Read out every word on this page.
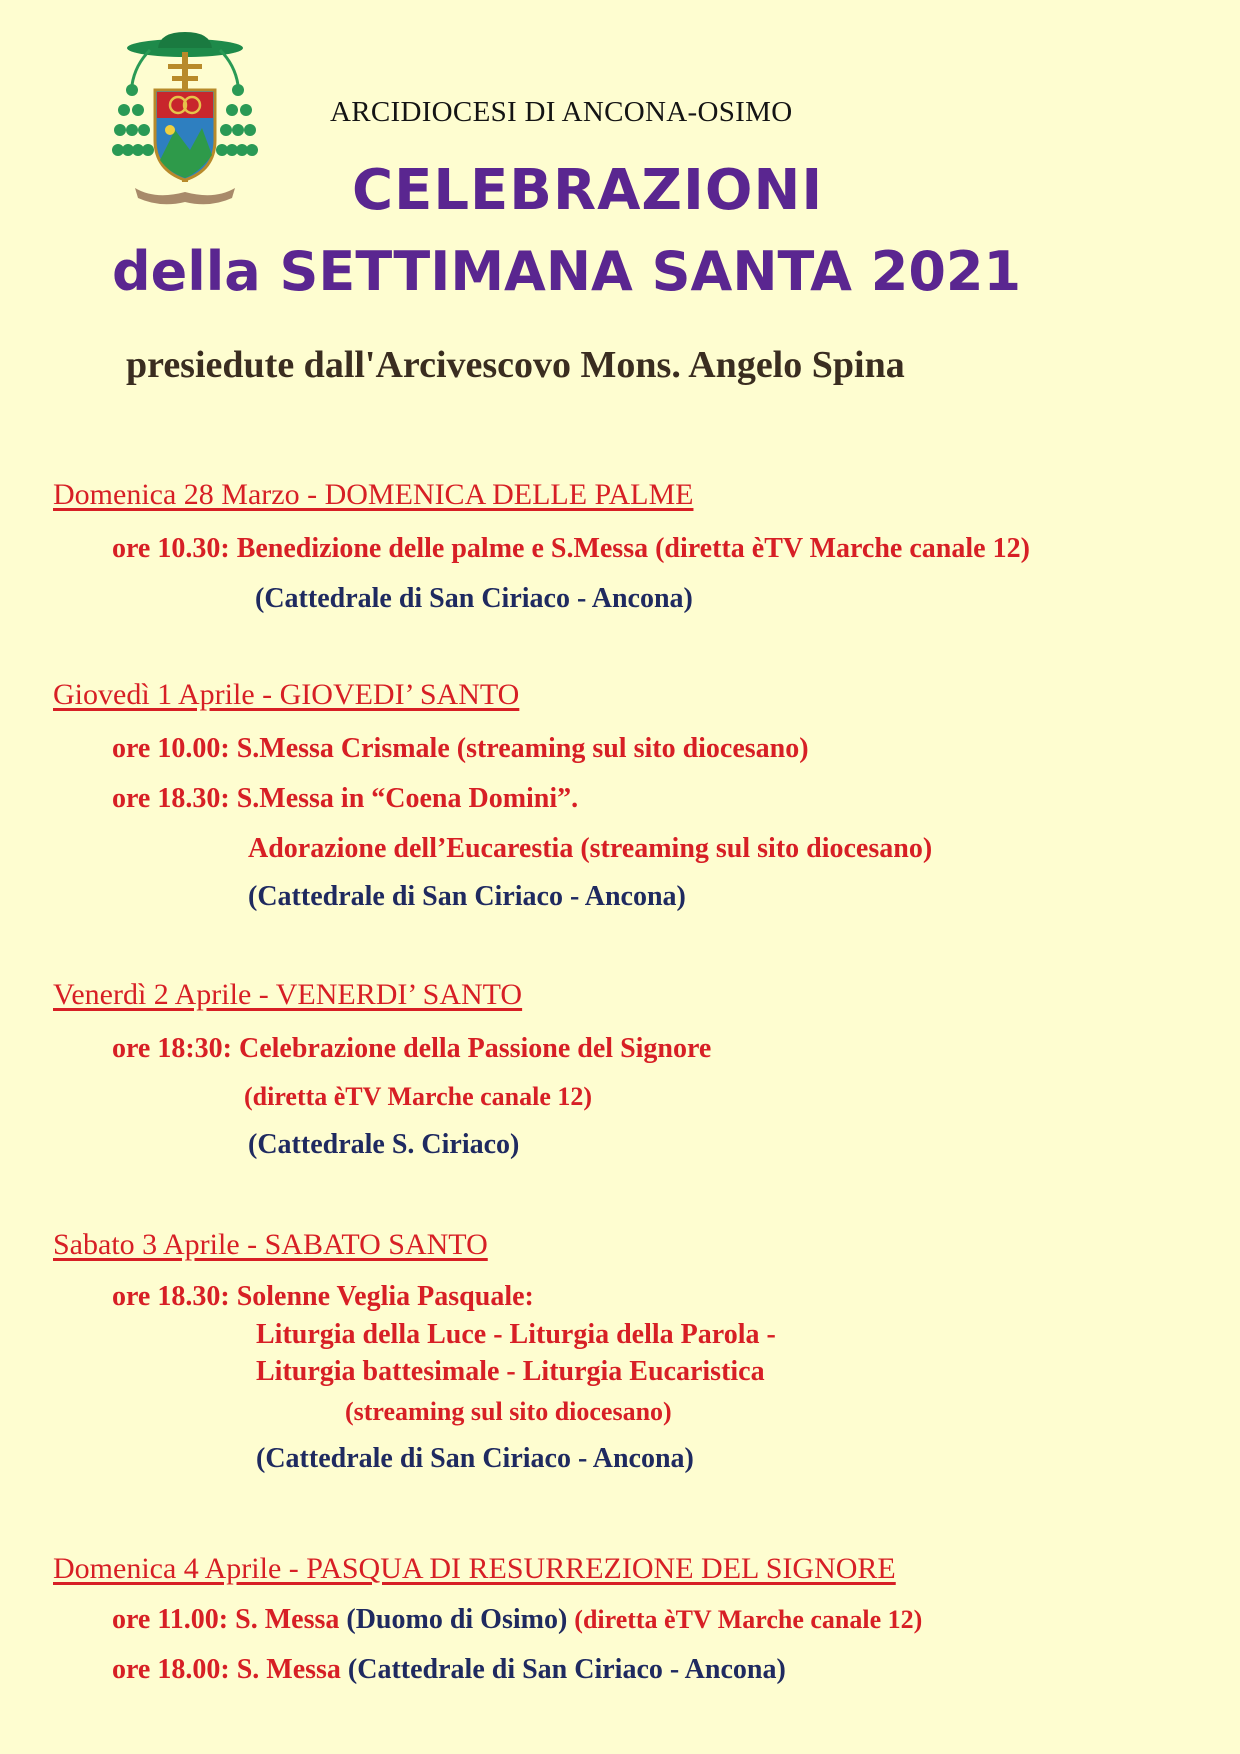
ARCIDIOCESI DI ANCONA-OSIMO
CELEBRAZIONI
della SETTIMANA SANTA 2021
presiedute dall'Arcivescovo Mons. Angelo Spina
Domenica 28 Marzo - DOMENICA DELLE PALME
ore 10.30: Benedizione delle palme e S.Messa (diretta èTV Marche canale 12)
(Cattedrale di San Ciriaco - Ancona)
Giovedì 1 Aprile - GIOVEDI’ SANTO
ore 10.00: S.Messa Crismale (streaming sul sito diocesano)
ore 18.30: S.Messa in “Coena Domini”.
Adorazione dell’Eucarestia (streaming sul sito diocesano)
(Cattedrale di San Ciriaco - Ancona)
Venerdì 2 Aprile - VENERDI’ SANTO
ore 18:30: Celebrazione della Passione del Signore
(diretta èTV Marche canale 12)
(Cattedrale S. Ciriaco)
Sabato 3 Aprile - SABATO SANTO
ore 18.30: Solenne Veglia Pasquale:
Liturgia della Luce - Liturgia della Parola -
Liturgia battesimale - Liturgia Eucaristica
(streaming sul sito diocesano)
(Cattedrale di San Ciriaco - Ancona)
Domenica 4 Aprile - PASQUA DI RESURREZIONE DEL SIGNORE
ore 11.00: S. Messa (Duomo di Osimo) (diretta èTV Marche canale 12)
ore 18.00: S. Messa (Cattedrale di San Ciriaco - Ancona)
